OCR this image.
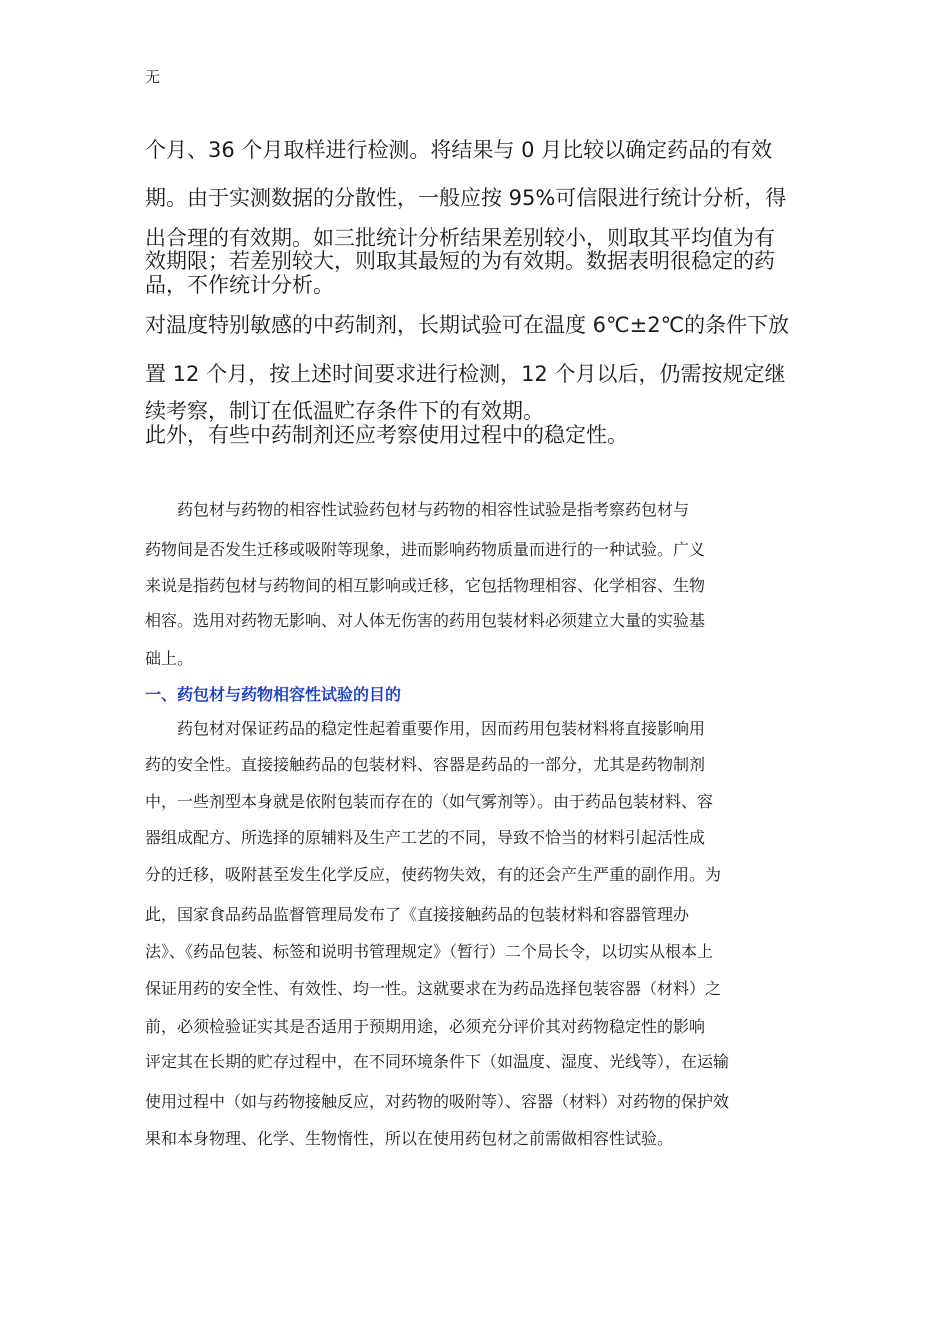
无

个月、36 个月取样进行检测。将结果与 0 月比较以确定药品的有效

期。由于实测数据的分散性，一般应按 95%可信限进行统计分析，得

出合理的有效期。如三批统计分析结果差别较小，则取其平均值为有

效期限；若差别较大，则取其最短的为有效期。数据表明很稳定的药

品，不作统计分析。

对温度特别敏感的中药制剂，长期试验可在温度 6℃±2℃的条件下放

置 12 个月，按上述时间要求进行检测，12 个月以后，仍需按规定继

续考察，制订在低温贮存条件下的有效期。

此外，有些中药制剂还应考察使用过程中的稳定性。

　　药包材与药物的相容性试验药包材与药物的相容性试验是指考察药包材与

药物间是否发生迁移或吸附等现象，进而影响药物质量而进行的一种试验。广义

来说是指药包材与药物间的相互影响或迁移，它包括物理相容、化学相容、生物

相容。选用对药物无影响、对人体无伤害的药用包装材料必须建立大量的实验基

础上。

一、药包材与药物相容性试验的目的

　　药包材对保证药品的稳定性起着重要作用，因而药用包装材料将直接影响用

药的安全性。直接接触药品的包装材料、容器是药品的一部分，尤其是药物制剂

中，一些剂型本身就是依附包装而存在的（如气雾剂等）。由于药品包装材料、容

器组成配方、所选择的原辅料及生产工艺的不同，导致不恰当的材料引起活性成

分的迁移，吸附甚至发生化学反应，使药物失效，有的还会产生严重的副作用。为

此，国家食品药品监督管理局发布了《直接接触药品的包装材料和容器管理办

法》、《药品包装、标签和说明书管理规定》（暂行）二个局长令，以切实从根本上

保证用药的安全性、有效性、均一性。这就要求在为药品选择包装容器（材料）之

前，必须检验证实其是否适用于预期用途，必须充分评价其对药物稳定性的影响

评定其在长期的贮存过程中，在不同环境条件下（如温度、湿度、光线等），在运输

使用过程中（如与药物接触反应，对药物的吸附等）、容器（材料）对药物的保护效

果和本身物理、化学、生物惰性，所以在使用药包材之前需做相容性试验。
